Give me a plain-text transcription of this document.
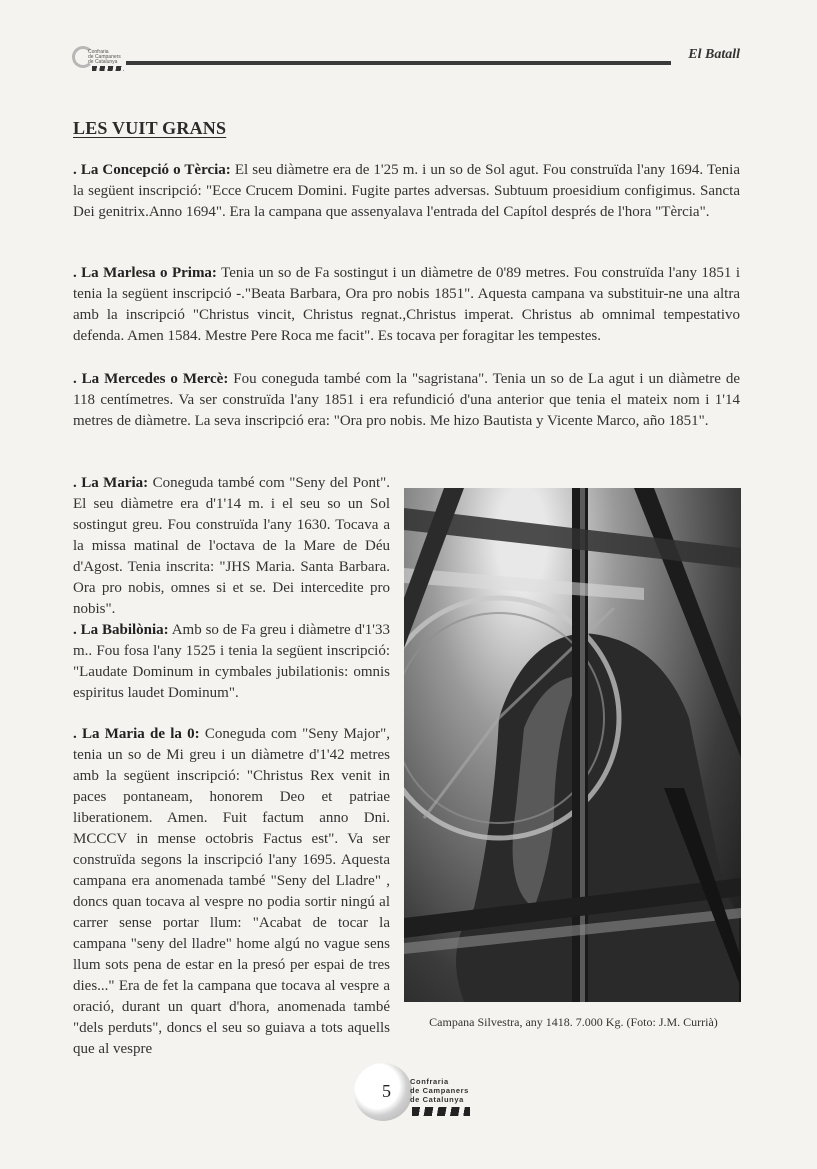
Confraria
de Campaners
de Catalunya	El Batall
LES VUIT GRANS

. La Concepció o Tèrcia: El seu diàmetre era de 1'25 m. i un so de Sol agut. Fou construïda l'any 1694. Tenia la següent inscripció: "Ecce Crucem Domini. Fugite partes adversas. Subtuum proesidium configimus. Sancta Dei genitrix.Anno 1694". Era la campana que assenyalava l'entrada del Capítol després de l'hora "Tèrcia".

. La Marlesa o Prima: Tenia un so de Fa sostingut i un diàmetre de 0'89 metres. Fou construïda l'any 1851 i tenia la següent inscripció -."Beata Barbara, Ora pro nobis 1851". Aquesta campana va substituir-ne una altra amb la inscripció "Christus vincit, Christus regnat.,Christus imperat. Christus ab omnimal tempestativo defenda. Amen 1584. Mestre Pere Roca me facit". Es tocava per foragitar les tempestes.

. La Mercedes o Mercè: Fou coneguda també com la "sagristana". Tenia un so de La agut i un diàmetre de 118 centímetres. Va ser construïda l'any 1851 i era refundició d'una anterior que tenia el mateix nom i 1'14 metres de diàmetre. La seva inscripció era: "Ora pro nobis. Me hizo Bautista y Vicente Marco, año 1851".

. La Maria: Coneguda també com "Seny del Pont". El seu diàmetre era d'1'14 m. i el seu so un Sol sostingut greu. Fou construïda l'any 1630. Tocava a la missa matinal de l'octava de la Mare de Déu d'Agost. Tenia inscrita: "JHS Maria. Santa Barbara. Ora pro nobis, omnes si et se. Dei intercedite pro nobis".

. La Babilònia: Amb so de Fa greu i diàmetre d'1'33 m.. Fou fosa l'any 1525 i tenia la següent inscripció: "Laudate Dominum in cymbales jubilationis: omnis espiritus laudet Dominum".

. La Maria de la 0: Coneguda com "Seny Major", tenia un so de Mi greu i un diàmetre d'1'42 metres amb la següent inscripció: "Christus Rex venit in paces pontaneam, honorem Deo et patriae liberationem. Amen. Fuit factum anno Dni. MCCCV in mense octobris Factus est". Va ser construïda segons la inscripció l'any 1695. Aquesta campana era anomenada també "Seny del Lladre" , doncs quan tocava al vespre no podia sortir ningú al carrer sense portar llum: "Acabat de tocar la campana "seny del lladre" home algú no vague sens llum sots pena de estar en la presó per espai de tres dies..." Era de fet la campana que tocava al vespre a oració, durant un quart d'hora, anomenada també "dels perduts", doncs el seu so guiava a tots aquells que al vespre

Campana Silvestra, any 1418. 7.000 Kg. (Foto: J.M. Currià)
5	Confraria
de Campaners
de Catalunya
